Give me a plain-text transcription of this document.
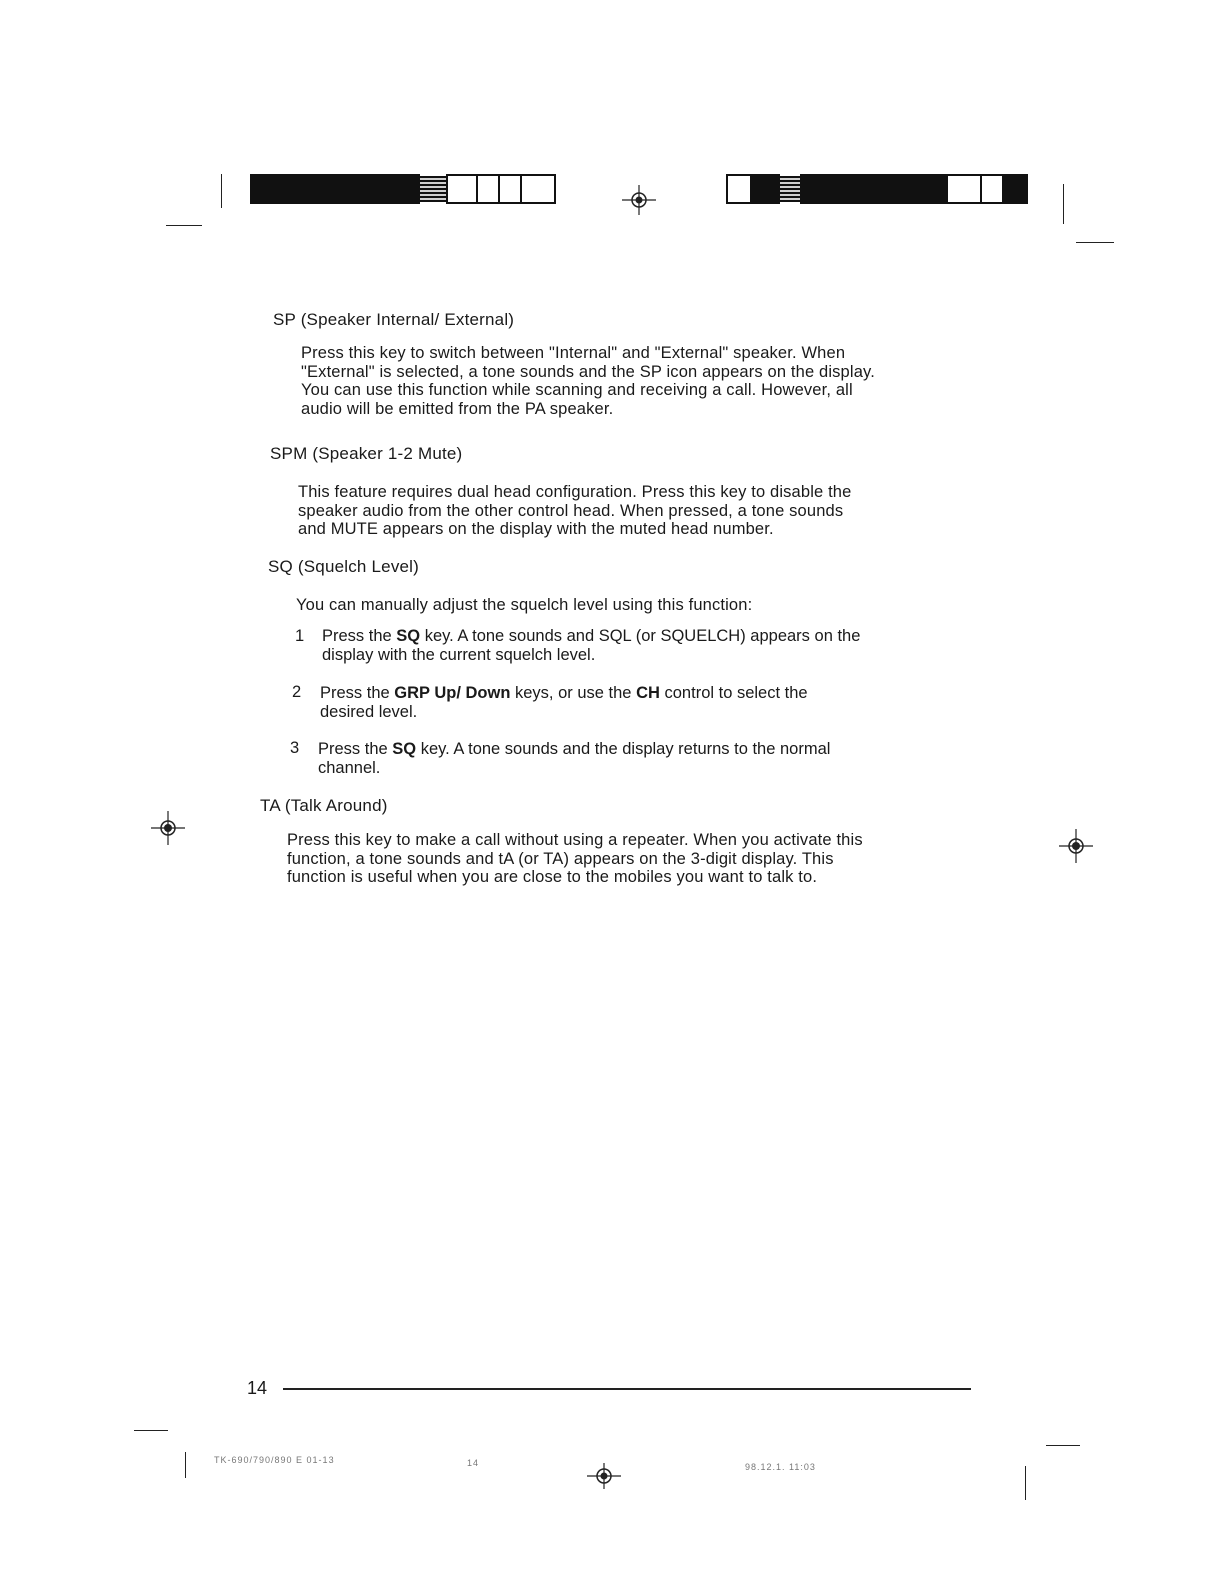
SP (Speaker Internal/ External)
Press this key to switch between "Internal" and "External" speaker. When
"External" is selected, a tone sounds and the SP icon appears on the display.
You can use this function while scanning and receiving a call. However, all
audio will be emitted from the PA speaker.
SPM (Speaker 1-2 Mute)
This feature requires dual head configuration. Press this key to disable the
speaker audio from the other control head. When pressed, a tone sounds
and MUTE appears on the display with the muted head number.
SQ (Squelch Level)
You can manually adjust the squelch level using this function:
1 Press the SQ key. A tone sounds and SQL (or SQUELCH) appears on the
display with the current squelch level.
2 Press the GRP Up/ Down keys, or use the CH control to select the
desired level.
3 Press the SQ key. A tone sounds and the display returns to the normal
channel.
TA (Talk Around)
Press this key to make a call without using a repeater. When you activate this
function, a tone sounds and tA (or TA) appears on the 3-digit display. This
function is useful when you are close to the mobiles you want to talk to.
14
TK-690/790/890 E 01-13	14	98.12.1. 11:03
